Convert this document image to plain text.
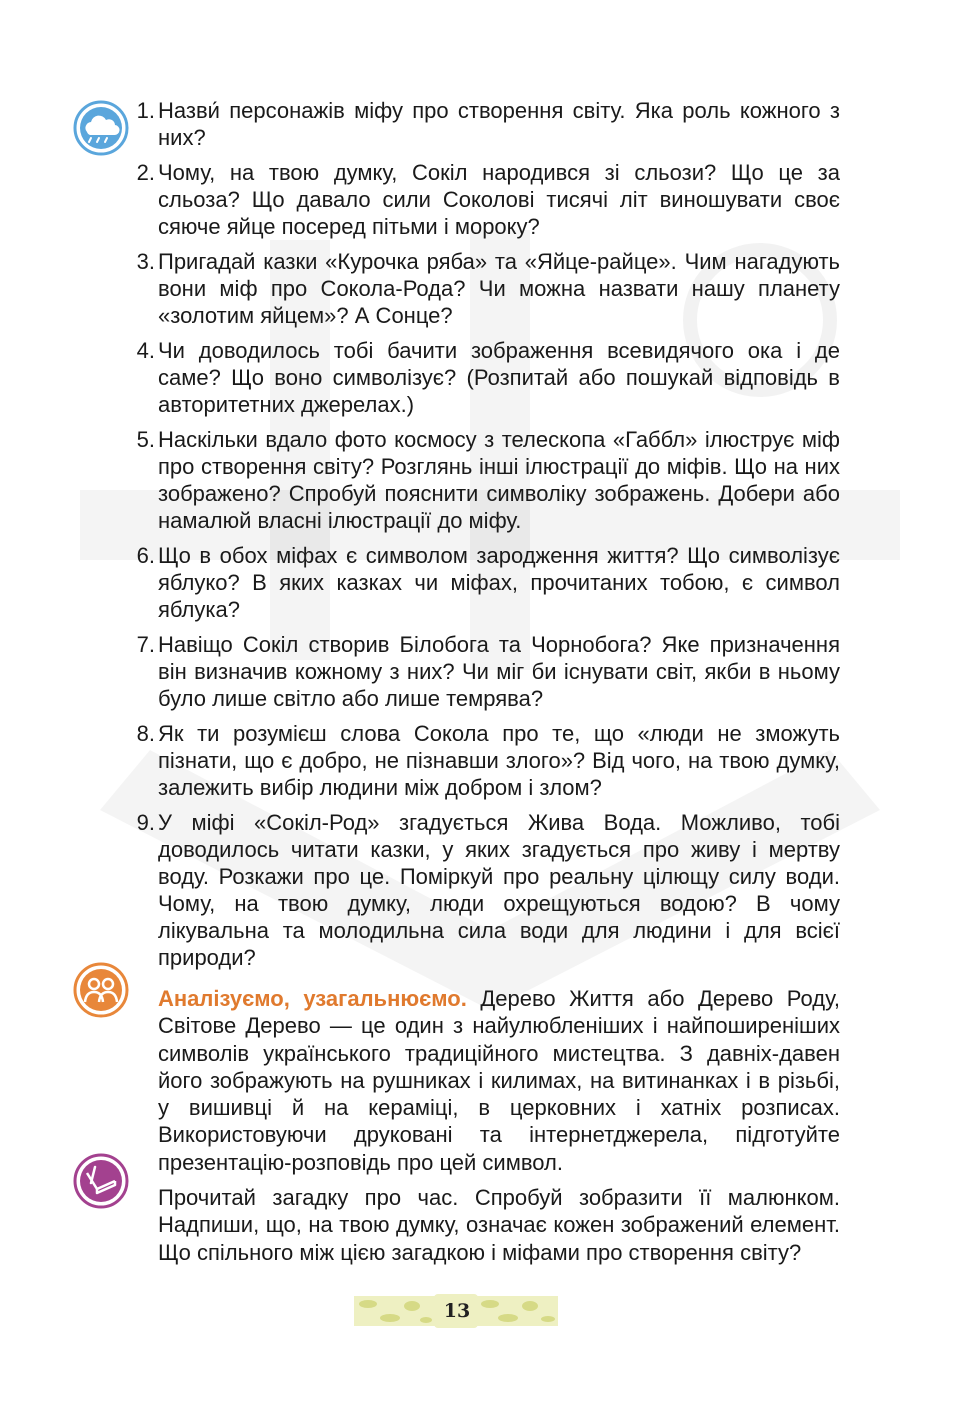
1. Назви́ персонажів міфу про створення світу. Яка роль кожного з них?
2. Чому, на твою думку, Сокіл народився зі сльози? Що це за сльоза? Що давало сили Соколові тисячі літ виношувати своє сяюче яйце посеред пітьми і мороку?
3. Пригадай казки «Курочка ряба» та «Яйце-райце». Чим нагадують вони міф про Сокола-Рода? Чи можна назвати нашу планету «золотим яйцем»? А Сонце?
4. Чи доводилось тобі бачити зображення всевидячого ока і де саме? Що воно символізує? (Розпитай або пошукай відповідь в авторитетних джерелах.)
5. Наскільки вдало фото космосу з телескопа «Габбл» ілюструє міф про створення світу? Розглянь інші ілюстрації до міфів. Що на них зображено? Спробуй пояснити символіку зображень. Добери або намалюй власні ілюстрації до міфу.
6. Що в обох міфах є символом зародження життя? Що символізує яблуко? В яких казках чи міфах, прочитаних тобою, є символ яблука?
7. Навіщо Сокіл створив Білобога та Чорнобога? Яке призначення він визначив кожному з них? Чи міг би існувати світ, якби в ньому було лише світло або лише темрява?
8. Як ти розумієш слова Сокола про те, що «люди не зможуть пізнати, що є добро, не пізнавши злого»? Від чого, на твою думку, залежить вибір людини між добром і злом?
9. У міфі «Сокіл-Род» згадується Жива Вода. Можливо, тобі доводилось читати казки, у яких згадується про живу і мертву воду. Розкажи про це. Поміркуй про реальну цілющу силу води. Чому, на твою думку, люди охрещуються водою? В чому лікувальна та молодильна сила води для людини і для всієї природи?

Аналізуємо, узагальнюємо. Дерево Життя або Дерево Роду, Світове Дерево — це один з найулюбленіших і найпоширеніших символів українського традиційного мистецтва. З давніх-давен його зображують на рушниках і килимах, на витинанках і в різьбі, у вишивці й на кераміці, в церковних і хатніх розписах. Використовуючи друковані та інтернетджерела, підготуйте презентацію-розповідь про цей символ.

Прочитай загадку про час. Спробуй зобразити її малюнком. Надпиши, що, на твою думку, означає кожен зображений елемент. Що спільного між цією загадкою і міфами про створення світу?

13
